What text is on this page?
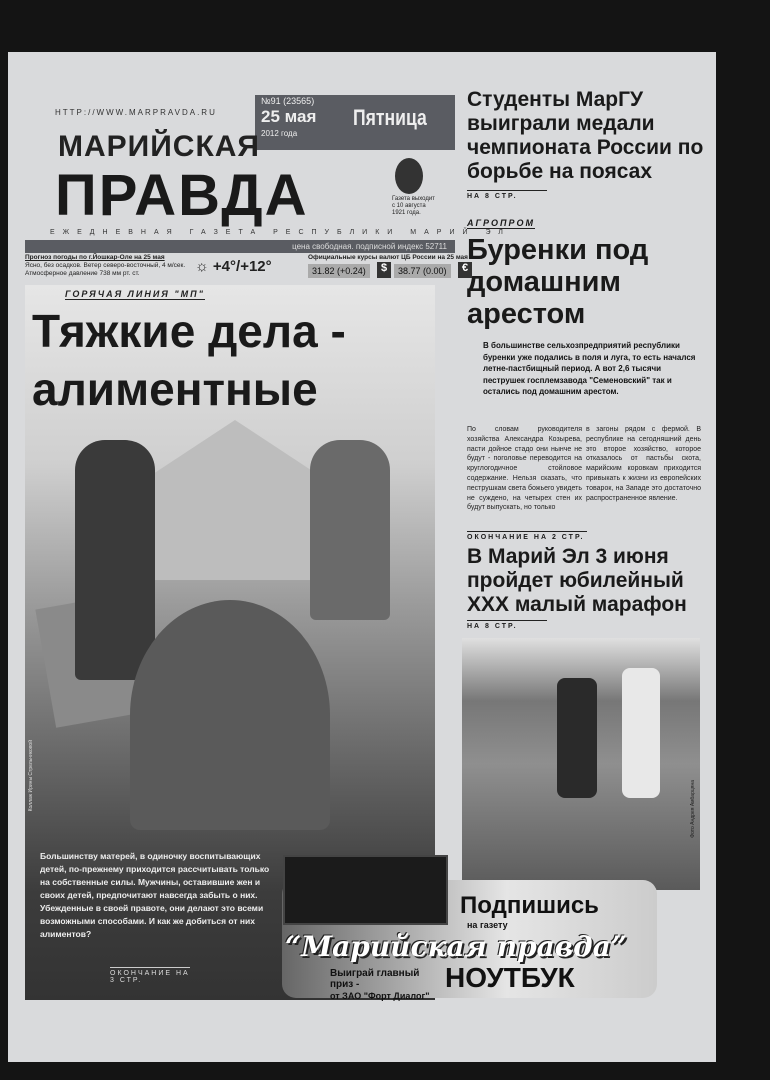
HTTP://WWW.MARPRAVDA.RU
№91 (23565)
25 мая
2012 года
Пятница
МАРИЙСКАЯ
ПРАВДА	Газета выходит с 10 августа 1921 года.
ЕЖЕДНЕВНАЯ ГАЗЕТА РЕСПУБЛИКИ МАРИЙ ЭЛ
цена свободная. подписной индекс 52711
Прогноз погоды по г.Йошкар-Оле на 25 мая
Ясно, без осадков. Ветер северо-восточный, 4 м/сек. Атмосферное давление 738 мм рт. ст.	☼ +4°/+12°
Официальные курсы валют ЦБ России на 25 мая
31.82 (+0.24)	$	38.77 (0.00)	€
ГОРЯЧАЯ ЛИНИЯ "МП"
Тяжкие дела - алиментные
Коллаж Ирины Стрельниковой
Большинству матерей, в одиночку воспитывающих детей, по-прежнему приходится рассчитывать только на собственные силы. Мужчины, оставившие жен и своих детей, предпочитают навсегда забыть о них. Убежденные в своей правоте, они делают это всеми возможными способами. И как же добиться от них алиментов?
ОКОНЧАНИЕ НА 3 СТР.
Студенты МарГУ выиграли медали чемпионата России по борьбе на поясах
НА 8 СТР.
АГРОПРОМ
Буренки под домашним арестом
В большинстве сельхозпредприятий республики буренки уже подались в поля и луга, то есть начался летне-пастбищный период. А вот 2,6 тысячи пеструшек госплемзавода "Семеновский" так и остались под домашним арестом.
По словам руководителя хозяйства Александра Козырева, пасти дойное стадо они нынче не будут - поголовье переводится на круглогодичное стойловое содержание. Нельзя сказать, что пеструшкам света божьего увидеть не суждено, на четырех стен их будут выпускать, но только
в загоны рядом с фермой. В республике на сегодняшний день это второе хозяйство, которое отказалось от пастьбы скота, марийским коровкам приходится привыкать к жизни из европейских товарок, на Западе это достаточно распространенное явление.
ОКОНЧАНИЕ НА 2 СТР.
В Марий Эл 3 июня пройдет юбилейный XXX малый марафон
НА 8 СТР.
Фото Андрея Амбарцяна
Подпишись
на газету
“Марийская правда”
Выиграй главный приз -	НОУТБУК
от ЗАО "Форт Диалог"
